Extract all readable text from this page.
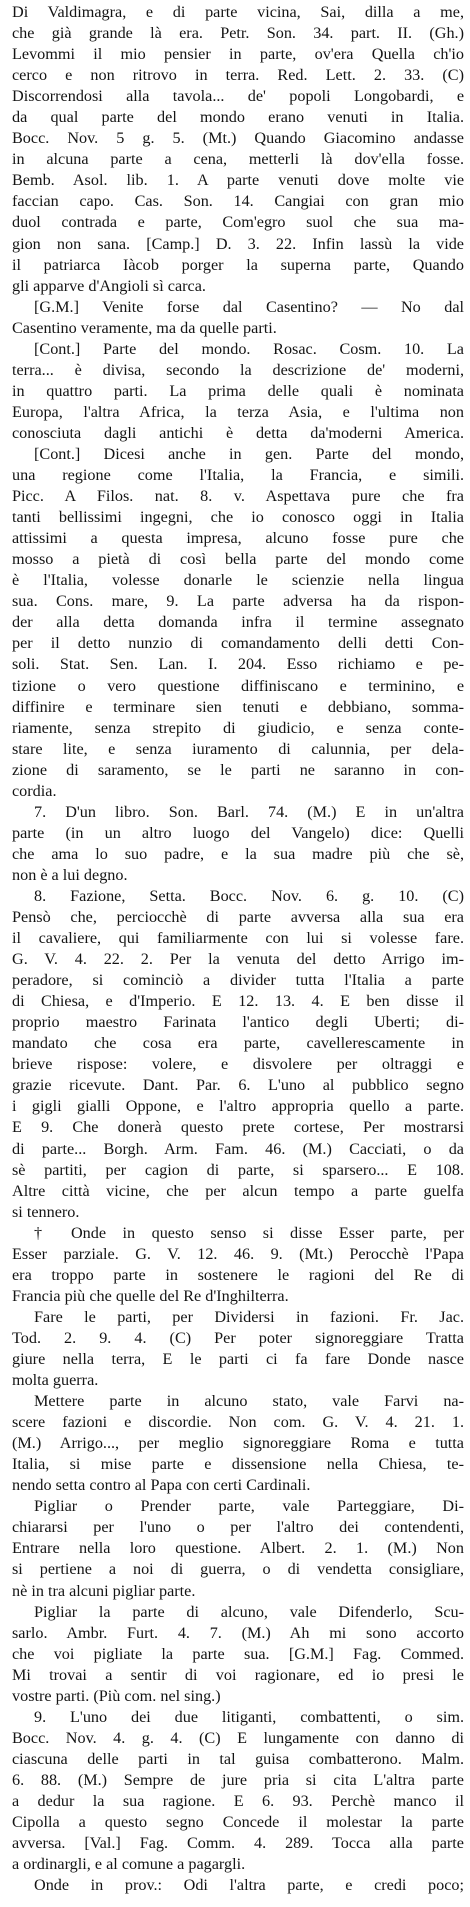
Di Valdimagra, e di parte vicina, Sai, dilla a me,
che già grande là era. Petr. Son. 34. part. II. (Gh.)
Levommi il mio pensier in parte, ov'era Quella ch'io
cerco e non ritrovo in terra. Red. Lett. 2. 33. (C)
Discorrendosi alla tavola... de' popoli Longobardi, e
da qual parte del mondo erano venuti in Italia.
Bocc. Nov. 5 g. 5. (Mt.) Quando Giacomino andasse
in alcuna parte a cena, metterli là dov'ella fosse.
Bemb. Asol. lib. 1. A parte venuti dove molte vie
faccian capo. Cas. Son. 14. Cangiai con gran mio
duol contrada e parte, Com'egro suol che sua ma-
gion non sana. [Camp.] D. 3. 22. Infin lassù la vide
il patriarca Iàcob porger la superna parte, Quando
gli apparve d'Angioli sì carca.
[G.M.] Venite forse dal Casentino? — No dal
Casentino veramente, ma da quelle parti.
[Cont.] Parte del mondo. Rosac. Cosm. 10. La
terra... è divisa, secondo la descrizione de' moderni,
in quattro parti. La prima delle quali è nominata
Europa, l'altra Africa, la terza Asia, e l'ultima non
conosciuta dagli antichi è detta da'moderni America.
[Cont.] Dicesi anche in gen. Parte del mondo,
una regione come l'Italia, la Francia, e simili.
Picc. A Filos. nat. 8. v. Aspettava pure che fra
tanti bellissimi ingegni, che io conosco oggi in Italia
attissimi a questa impresa, alcuno fosse pure che
mosso a pietà di così bella parte del mondo come
è l'Italia, volesse donarle le scienzie nella lingua
sua. Cons. mare, 9. La parte adversa ha da rispon-
der alla detta domanda infra il termine assegnato
per il detto nunzio di comandamento delli detti Con-
soli. Stat. Sen. Lan. I. 204. Esso richiamo e pe-
tizione o vero questione diffiniscano e terminino, e
diffinire e terminare sien tenuti e debbiano, somma-
riamente, senza strepito di giudicio, e senza conte-
stare lite, e senza iuramento di calunnia, per dela-
zione di saramento, se le parti ne saranno in con-
cordia.
7. D'un libro. Son. Barl. 74. (M.) E in un'altra
parte (in un altro luogo del Vangelo) dice: Quelli
che ama lo suo padre, e la sua madre più che sè,
non è a lui degno.
8. Fazione, Setta. Bocc. Nov. 6. g. 10. (C)
Pensò che, perciocchè di parte avversa alla sua era
il cavaliere, qui familiarmente con lui si volesse fare.
G. V. 4. 22. 2. Per la venuta del detto Arrigo im-
peradore, si cominciò a divider tutta l'Italia a parte
di Chiesa, e d'Imperio. E 12. 13. 4. E ben disse il
proprio maestro Farinata l'antico degli Uberti; di-
mandato che cosa era parte, cavellerescamente in
brieve rispose: volere, e disvolere per oltraggi e
grazie ricevute. Dant. Par. 6. L'uno al pubblico segno
i gigli gialli Oppone, e l'altro appropria quello a parte.
E 9. Che donerà questo prete cortese, Per mostrarsi
di parte... Borgh. Arm. Fam. 46. (M.) Cacciati, o da
sè partiti, per cagion di parte, si sparsero... E 108.
Altre città vicine, che per alcun tempo a parte guelfa
si tennero.
† Onde in questo senso si disse Esser parte, per
Esser parziale. G. V. 12. 46. 9. (Mt.) Perocchè l'Papa
era troppo parte in sostenere le ragioni del Re di
Francia più che quelle del Re d'Inghilterra.
Fare le parti, per Dividersi in fazioni. Fr. Jac.
Tod. 2. 9. 4. (C) Per poter signoreggiare Tratta
giure nella terra, E le parti ci fa fare Donde nasce
molta guerra.
Mettere parte in alcuno stato, vale Farvi na-
scere fazioni e discordie. Non com. G. V. 4. 21. 1.
(M.) Arrigo..., per meglio signoreggiare Roma e tutta
Italia, si mise parte e dissensione nella Chiesa, te-
nendo setta contro al Papa con certi Cardinali.
Pigliar o Prender parte, vale Parteggiare, Di-
chiararsi per l'uno o per l'altro dei contendenti,
Entrare nella loro questione. Albert. 2. 1. (M.) Non
si pertiene a noi di guerra, o di vendetta consigliare,
nè in tra alcuni pigliar parte.
Pigliar la parte di alcuno, vale Difenderlo, Scu-
sarlo. Ambr. Furt. 4. 7. (M.) Ah mi sono accorto
che voi pigliate la parte sua. [G.M.] Fag. Commed.
Mi trovai a sentir di voi ragionare, ed io presi le
vostre parti. (Più com. nel sing.)
9. L'uno dei due litiganti, combattenti, o sim.
Bocc. Nov. 4. g. 4. (C) E lungamente con danno di
ciascuna delle parti in tal guisa combatterono. Malm.
6. 88. (M.) Sempre de jure pria si cita L'altra parte
a dedur la sua ragione. E 6. 93. Perchè manco il
Cipolla a questo segno Concede il molestar la parte
avversa. [Val.] Fag. Comm. 4. 289. Tocca alla parte
a ordinargli, e al comune a pagargli.
Onde in prov.: Odi l'altra parte, e credi poco;
